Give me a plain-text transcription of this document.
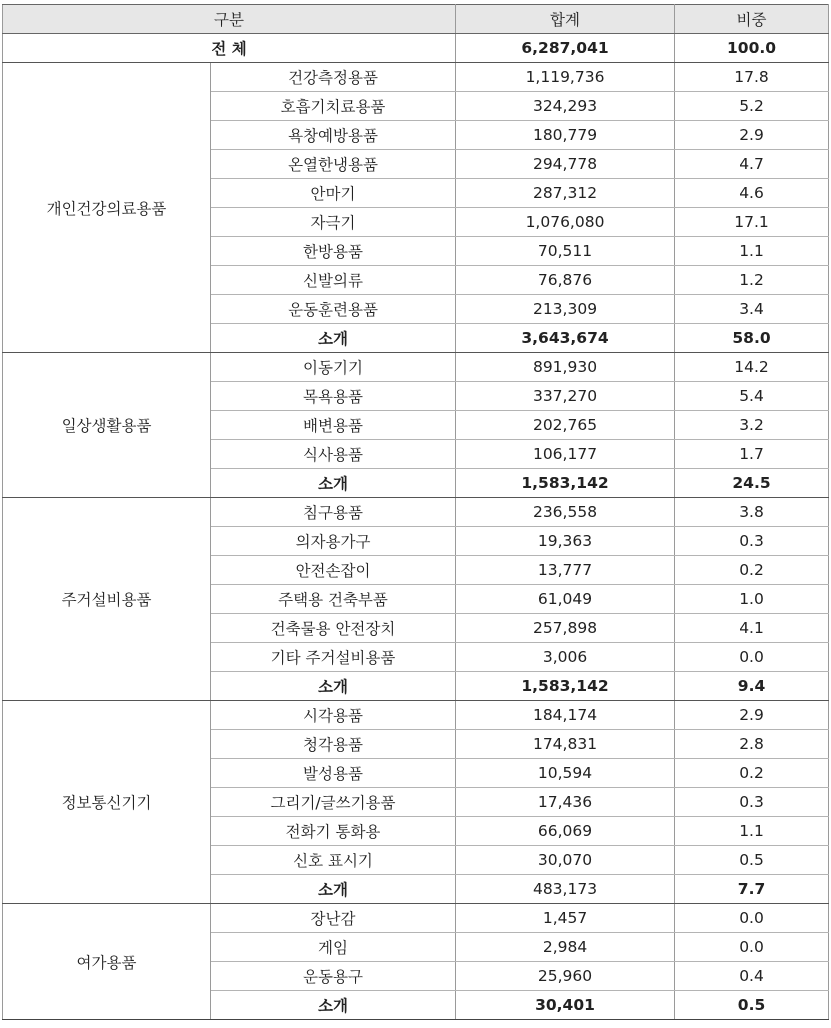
구분		합계	비중
전 체		6,287,041	100.0
개인건강의료용품	건강측정용품	1,119,736	17.8
	호흡기치료용품	324,293	5.2
	욕창예방용품	180,779	2.9
	온열한냉용품	294,778	4.7
	안마기	287,312	4.6
	자극기	1,076,080	17.1
	한방용품	70,511	1.1
	신발의류	76,876	1.2
	운동훈련용품	213,309	3.4
	소개	3,643,674	58.0
일상생활용품	이동기기	891,930	14.2
	목욕용품	337,270	5.4
	배변용품	202,765	3.2
	식사용품	106,177	1.7
	소개	1,583,142	24.5
주거설비용품	침구용품	236,558	3.8
	의자용가구	19,363	0.3
	안전손잡이	13,777	0.2
	주택용 건축부품	61,049	1.0
	건축물용 안전장치	257,898	4.1
	기타 주거설비용품	3,006	0.0
	소개	1,583,142	9.4
정보통신기기	시각용품	184,174	2.9
	청각용품	174,831	2.8
	발성용품	10,594	0.2
	그리기/글쓰기용품	17,436	0.3
	전화기 통화용	66,069	1.1
	신호 표시기	30,070	0.5
	소개	483,173	7.7
여가용품	장난감	1,457	0.0
	게임	2,984	0.0
	운동용구	25,960	0.4
	소개	30,401	0.5
